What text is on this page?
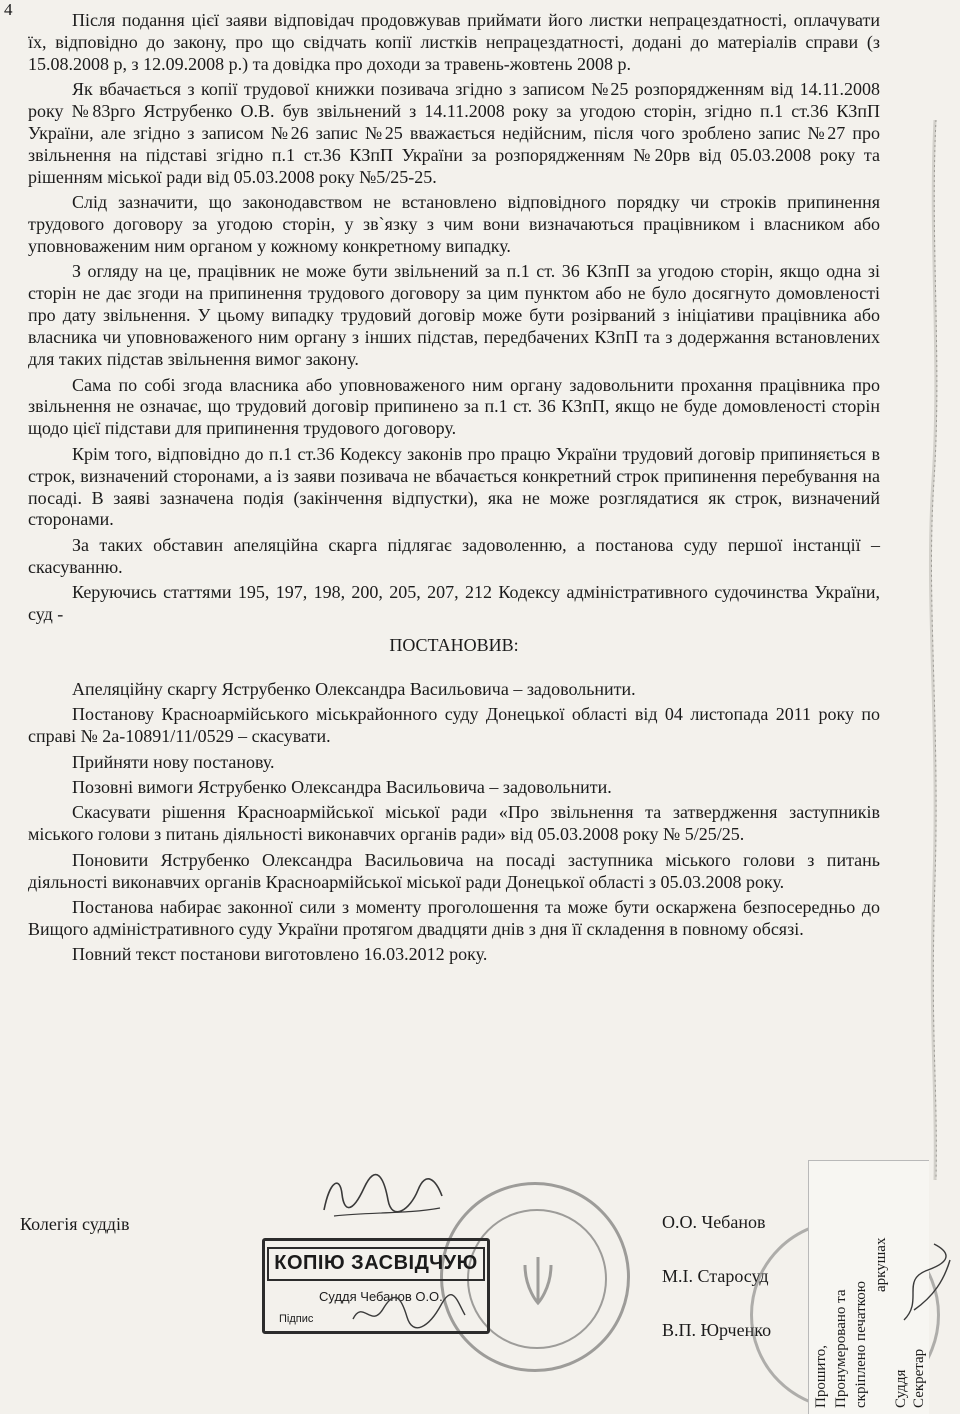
4

Після подання цієї заяви відповідач продовжував приймати його листки непрацездатності, оплачувати їх, відповідно до закону, про що свідчать копії листків непрацездатності, додані до матеріалів справи (з 15.08.2008 р, з 12.09.2008 р.) та довідка про доходи за травень-жовтень 2008 р.

Як вбачається з копії трудової книжки позивача згідно з записом №25 розпорядженням від 14.11.2008 року №83рго Яструбенко О.В. був звільнений з 14.11.2008 року за угодою сторін, згідно п.1 ст.36 КЗпП України, але згідно з записом №26 запис №25 вважається недійсним, після чого зроблено запис №27 про звільнення на підставі згідно п.1 ст.36 КЗпП України за розпорядженням №20рв від 05.03.2008 року та рішенням міської ради від 05.03.2008 року №5/25-25.

Слід зазначити, що законодавством не встановлено відповідного порядку чи строків припинення трудового договору за угодою сторін, у зв`язку з чим вони визначаються працівником і власником або уповноваженим ним органом у кожному конкретному випадку.

З огляду на це, працівник не може бути звільнений за п.1 ст. 36 КЗпП за угодою сторін, якщо одна зі сторін не дає згоди на припинення трудового договору за цим пунктом або не було досягнуто домовленості про дату звільнення. У цьому випадку трудовий договір може бути розірваний з ініціативи працівника або власника чи уповноваженого ним органу з інших підстав, передбачених КЗпП та з додержання встановлених для таких підстав звільнення вимог закону.

Сама по собі згода власника або уповноваженого ним органу задовольнити прохання працівника про звільнення не означає, що трудовий договір припинено за п.1 ст. 36 КЗпП, якщо не буде домовленості сторін щодо цієї підстави для припинення трудового договору.

Крім того, відповідно до п.1 ст.36 Кодексу законів про працю України трудовий договір припиняється в строк, визначений сторонами, а із заяви позивача не вбачається конкретний строк припинення перебування на посаді. В заяві зазначена подія (закінчення відпустки), яка не може розглядатися як строк, визначений сторонами.

За таких обставин апеляційна скарга підлягає задоволенню, а постанова суду першої інстанції – скасуванню.

Керуючись статтями 195, 197, 198, 200, 205, 207, 212 Кодексу адміністративного судочинства України, суд -

ПОСТАНОВИВ:

Апеляційну скаргу Яструбенко Олександра Васильовича – задовольнити.

Постанову Красноармійського міськрайонного суду Донецької області від 04 листопада 2011 року по справі № 2а-10891/11/0529 – скасувати.

Прийняти нову постанову.

Позовні вимоги Яструбенко Олександра Васильовича – задовольнити.

Скасувати рішення Красноармійської міської ради «Про звільнення та затвердження заступників міського голови з питань діяльності виконавчих органів ради» від 05.03.2008 року № 5/25/25.

Поновити Яструбенко Олександра Васильовича на посаді заступника міського голови з питань діяльності виконавчих органів Красноармійської міської ради Донецької області з 05.03.2008 року.

Постанова набирає законної сили з моменту проголошення та може бути оскаржена безпосередньо до Вищого адміністративного суду України протягом двадцяти днів з дня її складення в повному обсязі.

Повний текст постанови виготовлено 16.03.2012 року.

Колегія суддів
КОПІЮ ЗАСВІДЧУЮ
Суддя Чебанов О.О.
Підпис
О.О. Чебанов
М.І. Старосуд
В.П. Юрченко
Прошито, Пронумеровано та скріплено печаткою
аркушах
Суддя Секретар
